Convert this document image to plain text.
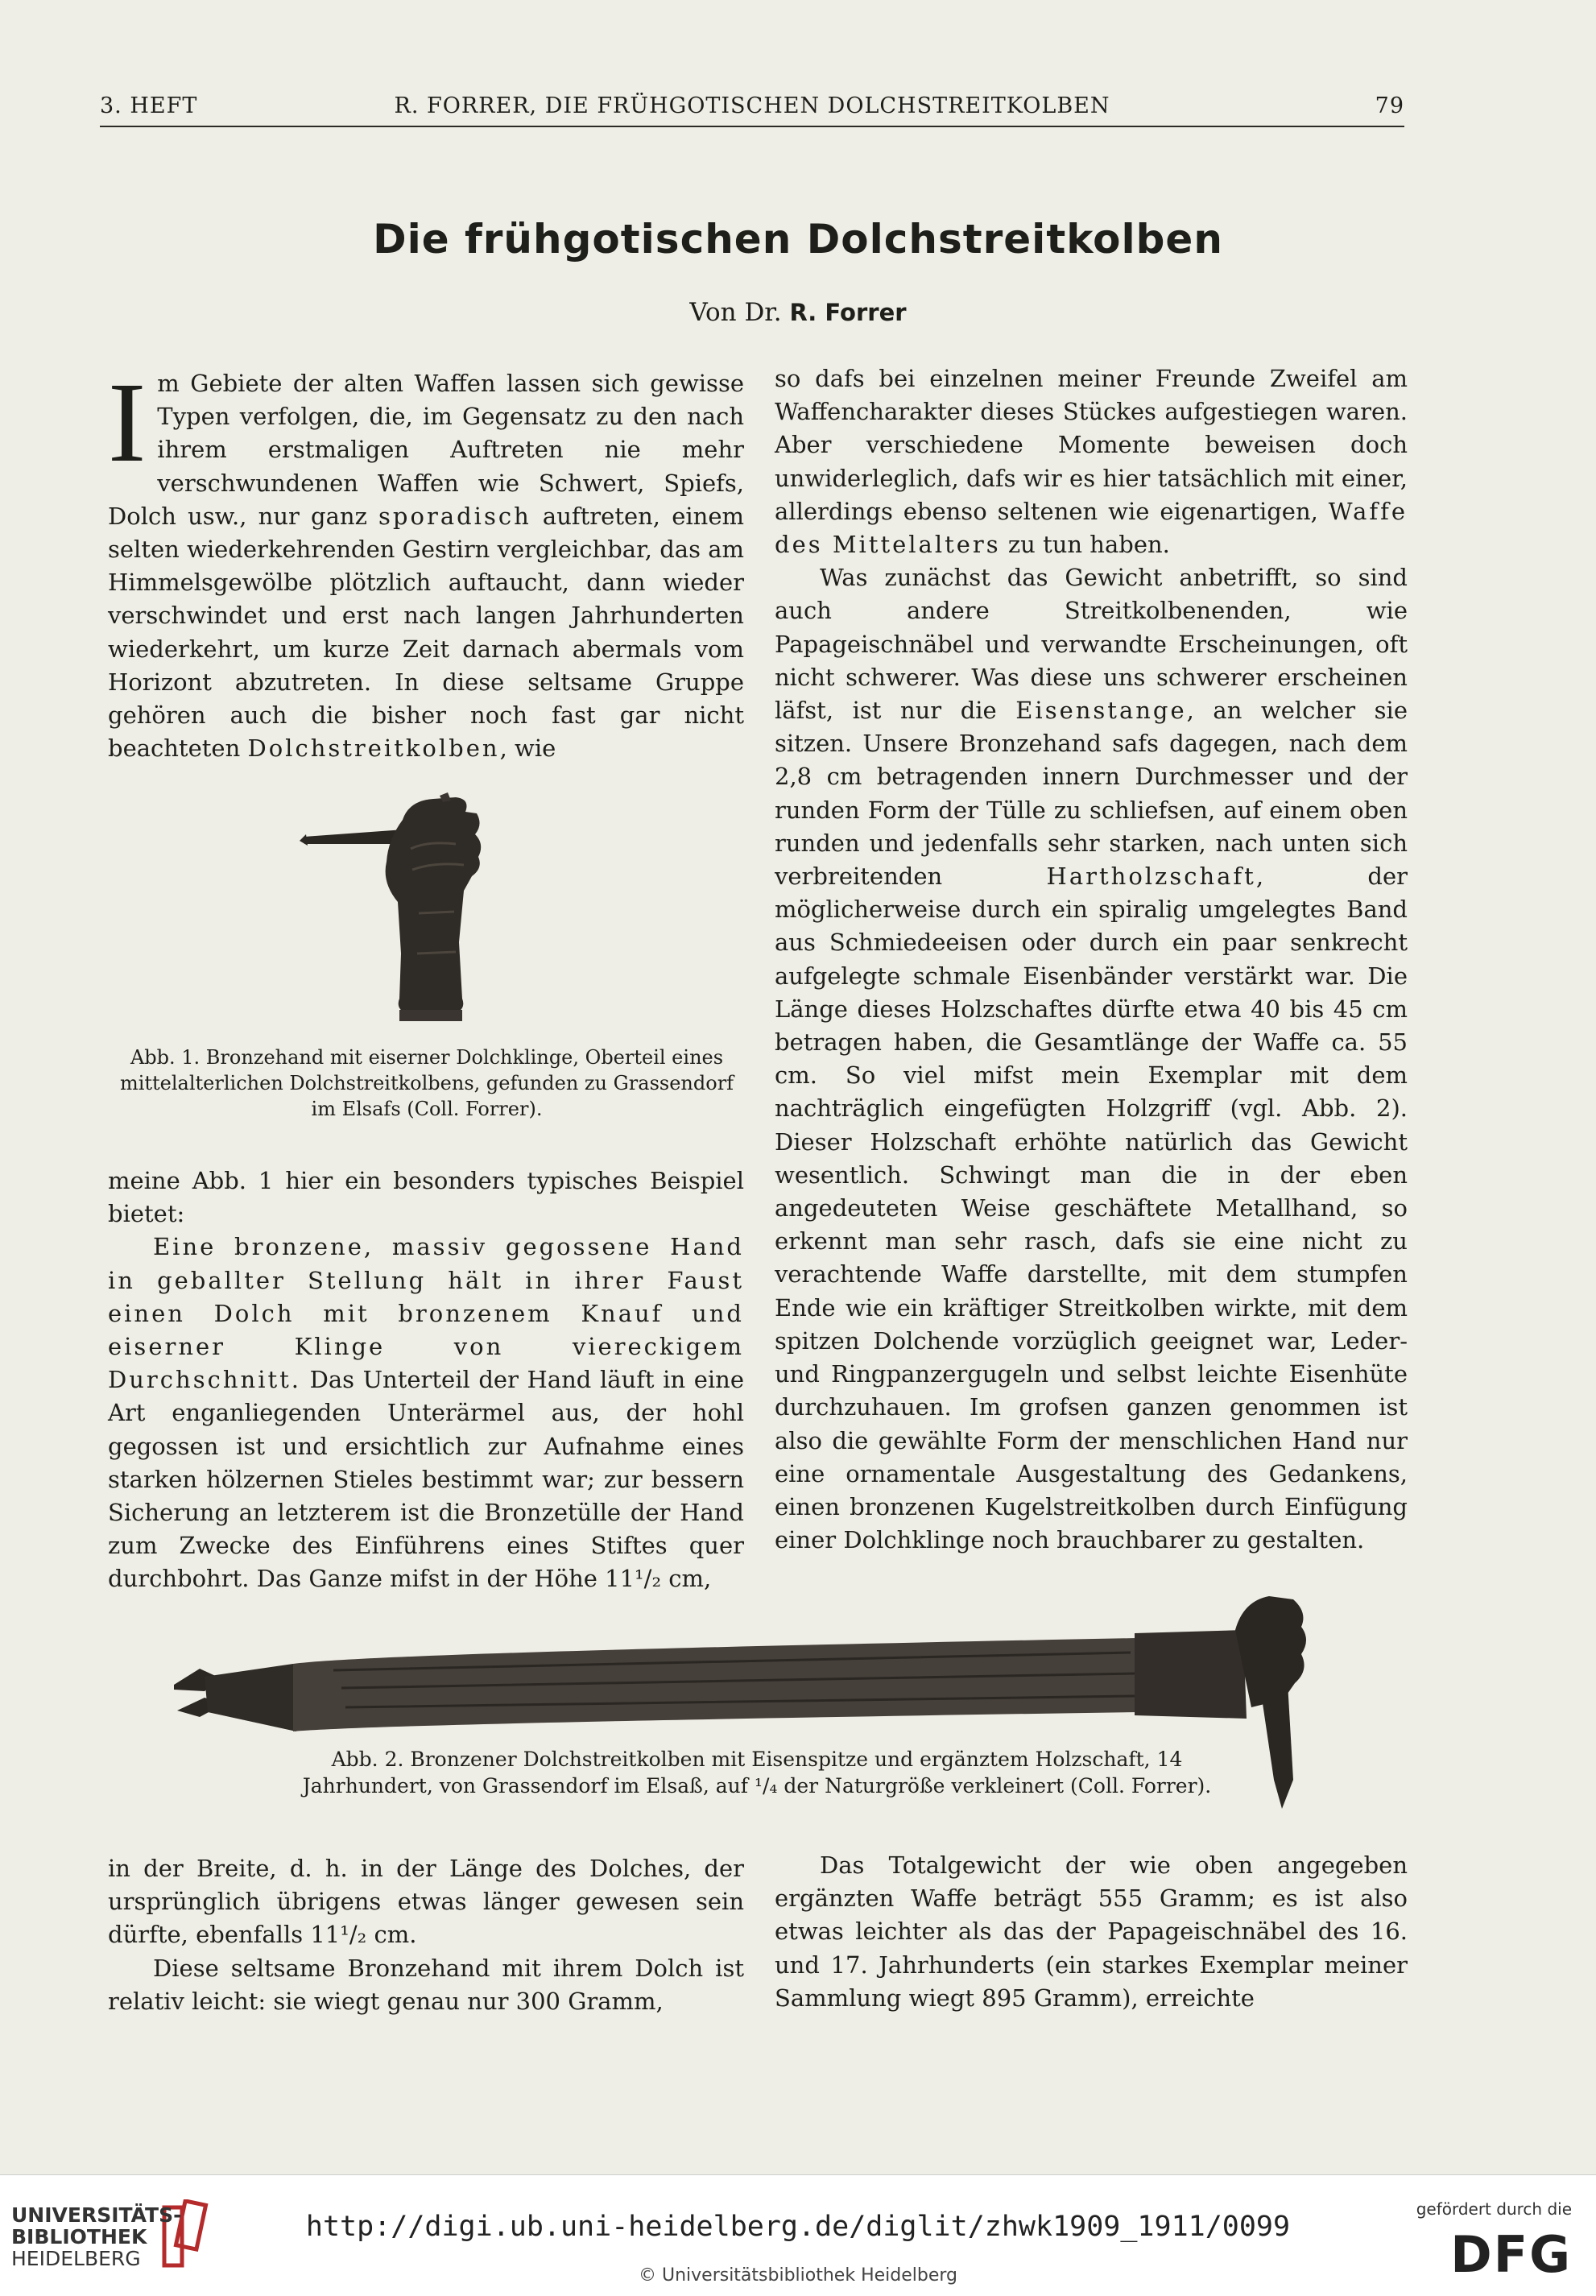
3. HEFT	R. FORRER, DIE FRÜHGOTISCHEN DOLCHSTREITKOLBEN	79
Die frühgotischen Dolchstreitkolben
Von Dr. R. Forrer

Im Gebiete der alten Waffen lassen sich gewisse Typen verfolgen, die, im Gegensatz zu den nach ihrem erstmaligen Auftreten nie mehr verschwundenen Waffen wie Schwert, Spiefs, Dolch usw., nur ganz sporadisch auftreten, einem selten wiederkehrenden Gestirn vergleichbar, das am Himmelsgewölbe plötzlich auftaucht, dann wieder verschwindet und erst nach langen Jahrhunderten wiederkehrt, um kurze Zeit darnach abermals vom Horizont abzutreten. In diese seltsame Gruppe gehören auch die bisher noch fast gar nicht beachteten Dolchstreitkolben, wie

Abb. 1. Bronzehand mit eiserner Dolchklinge, Oberteil eines mittelalterlichen Dolchstreitkolbens, gefunden zu Grassendorf im Elsafs (Coll. Forrer).

meine Abb. 1 hier ein besonders typisches Beispiel bietet:

Eine bronzene, massiv gegossene Hand in geballter Stellung hält in ihrer Faust einen Dolch mit bronzenem Knauf und eiserner Klinge von viereckigem Durchschnitt. Das Unterteil der Hand läuft in eine Art enganliegenden Unterärmel aus, der hohl gegossen ist und ersichtlich zur Aufnahme eines starken hölzernen Stieles bestimmt war; zur bessern Sicherung an letzterem ist die Bronzetülle der Hand zum Zwecke des Einführens eines Stiftes quer durchbohrt. Das Ganze mifst in der Höhe 11¹/₂ cm,

so dafs bei einzelnen meiner Freunde Zweifel am Waffencharakter dieses Stückes aufgestiegen waren. Aber verschiedene Momente beweisen doch unwiderleglich, dafs wir es hier tatsächlich mit einer, allerdings ebenso seltenen wie eigenartigen, Waffe des Mittelalters zu tun haben.

Was zunächst das Gewicht anbetrifft, so sind auch andere Streitkolbenenden, wie Papageischnäbel und verwandte Erscheinungen, oft nicht schwerer. Was diese uns schwerer erscheinen läfst, ist nur die Eisenstange, an welcher sie sitzen. Unsere Bronzehand safs dagegen, nach dem 2,8 cm betragenden innern Durchmesser und der runden Form der Tülle zu schliefsen, auf einem oben runden und jedenfalls sehr starken, nach unten sich verbreitenden Hartholzschaft, der möglicherweise durch ein spiralig umgelegtes Band aus Schmiedeeisen oder durch ein paar senkrecht aufgelegte schmale Eisenbänder verstärkt war. Die Länge dieses Holzschaftes dürfte etwa 40 bis 45 cm betragen haben, die Gesamtlänge der Waffe ca. 55 cm. So viel mifst mein Exemplar mit dem nachträglich eingefügten Holzgriff (vgl. Abb. 2). Dieser Holzschaft erhöhte natürlich das Gewicht wesentlich. Schwingt man die in der eben angedeuteten Weise geschäftete Metallhand, so erkennt man sehr rasch, dafs sie eine nicht zu verachtende Waffe darstellte, mit dem stumpfen Ende wie ein kräftiger Streitkolben wirkte, mit dem spitzen Dolchende vorzüglich geeignet war, Leder- und Ringpanzergugeln und selbst leichte Eisenhüte durchzuhauen. Im grofsen ganzen genommen ist also die gewählte Form der menschlichen Hand nur eine ornamentale Ausgestaltung des Gedankens, einen bronzenen Kugelstreitkolben durch Einfügung einer Dolchklinge noch brauchbarer zu gestalten.

Abb. 2. Bronzener Dolchstreitkolben mit Eisenspitze und ergänztem Holzschaft, 14 Jahrhundert, von Grassendorf im Elsaß, auf ¹/₄ der Naturgröße verkleinert (Coll. Forrer).

in der Breite, d. h. in der Länge des Dolches, der ursprünglich übrigens etwas länger gewesen sein dürfte, ebenfalls 11¹/₂ cm.

Diese seltsame Bronzehand mit ihrem Dolch ist relativ leicht: sie wiegt genau nur 300 Gramm,

Das Totalgewicht der wie oben angegeben ergänzten Waffe beträgt 555 Gramm; es ist also etwas leichter als das der Papageischnäbel des 16. und 17. Jahrhunderts (ein starkes Exemplar meiner Sammlung wiegt 895 Gramm), erreichte

UNIVERSITÄTS-
BIBLIOTHEK
HEIDELBERG
http://digi.ub.uni-heidelberg.de/diglit/zhwk1909_1911/0099
© Universitätsbibliothek Heidelberg
gefördert durch die
DFG
